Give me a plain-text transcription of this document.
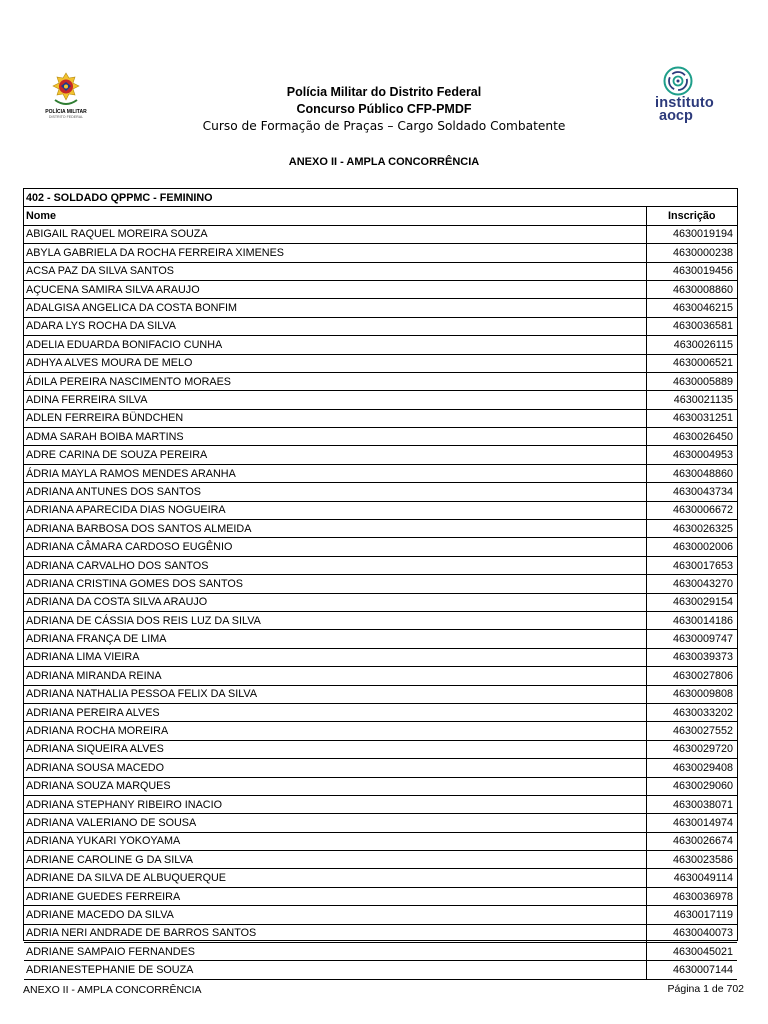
POLÍCIA MILITAR
DISTRITO FEDERAL
instituto
aocp
Polícia Militar do Distrito Federal
Concurso Público CFP-PMDF
Curso de Formação de Praças – Cargo Soldado Combatente
ANEXO II - AMPLA CONCORRÊNCIA
402 - SOLDADO QPPMC - FEMININO	
Nome	Inscrição
ABIGAIL RAQUEL MOREIRA SOUZA	4630019194
ABYLA GABRIELA DA ROCHA FERREIRA XIMENES	4630000238
ACSA PAZ DA SILVA SANTOS	4630019456
AÇUCENA SAMIRA SILVA ARAUJO	4630008860
ADALGISA ANGELICA DA COSTA BONFIM	4630046215
ADARA LYS ROCHA DA SILVA	4630036581
ADELIA EDUARDA BONIFACIO CUNHA	4630026115
ADHYA ALVES MOURA DE MELO	4630006521
ÁDILA PEREIRA NASCIMENTO MORAES	4630005889
ADINA FERREIRA SILVA	4630021135
ADLEN FERREIRA BÜNDCHEN	4630031251
ADMA SARAH BOIBA MARTINS	4630026450
ADRE CARINA DE SOUZA PEREIRA	4630004953
ÁDRIA MAYLA RAMOS MENDES ARANHA	4630048860
ADRIANA ANTUNES DOS SANTOS	4630043734
ADRIANA APARECIDA DIAS NOGUEIRA	4630006672
ADRIANA BARBOSA DOS SANTOS ALMEIDA	4630026325
ADRIANA CÂMARA CARDOSO EUGÊNIO	4630002006
ADRIANA CARVALHO DOS SANTOS	4630017653
ADRIANA CRISTINA GOMES DOS SANTOS	4630043270
ADRIANA DA COSTA SILVA ARAUJO	4630029154
ADRIANA DE CÁSSIA DOS REIS LUZ DA SILVA	4630014186
ADRIANA FRANÇA DE LIMA	4630009747
ADRIANA LIMA VIEIRA	4630039373
ADRIANA MIRANDA REINA	4630027806
ADRIANA NATHALIA PESSOA FELIX DA SILVA	4630009808
ADRIANA PEREIRA ALVES	4630033202
ADRIANA ROCHA MOREIRA	4630027552
ADRIANA SIQUEIRA ALVES	4630029720
ADRIANA SOUSA MACEDO	4630029408
ADRIANA SOUZA MARQUES	4630029060
ADRIANA STEPHANY RIBEIRO INACIO	4630038071
ADRIANA VALERIANO DE SOUSA	4630014974
ADRIANA YUKARI YOKOYAMA	4630026674
ADRIANE CAROLINE G DA SILVA	4630023586
ADRIANE DA SILVA DE ALBUQUERQUE	4630049114
ADRIANE GUEDES FERREIRA	4630036978
ADRIANE MACEDO DA SILVA	4630017119
ADRIA NERI ANDRADE DE BARROS SANTOS	4630040073
ADRIANE SAMPAIO FERNANDES	4630045021
ADRIANESTEPHANIE DE SOUZA	4630007144
ANEXO II - AMPLA CONCORRÊNCIA	Página 1 de 702
